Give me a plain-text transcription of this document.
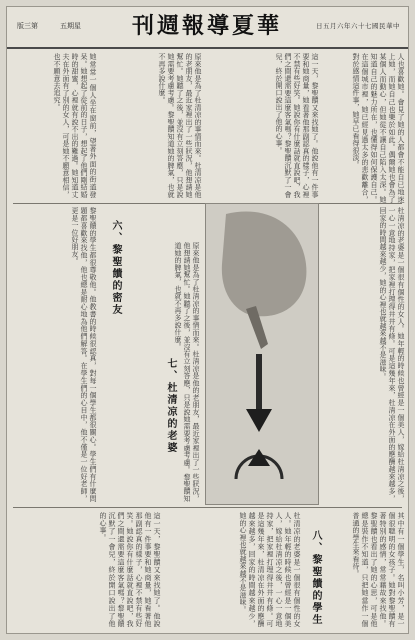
版三第	五期星 刊週報導夏華	日五月六年六十七國民華中
人也喜歡她。會見了她的人都會不能自已地迷上她，而她自己也樂於如此。偶爾她也會為了某個人而動心，但她從不讓自己陷入太深。她知道自己的魅力所在，也懂得如何保護自己。在這個城市裡，她已經見過太多的悲歡離合，對於感情這件事，她早已看得很淡。
這一天，黎聖饋又來找她了。他說他有一件事要和她商量，她看著他那副認真的樣子，心裡不禁有些好笑。她說你有什麼話就直說吧，我們之間還需要這麼客氣嗎？黎聖饋沉默了一會兒，終於開口說出了他的心事。
原來他是為了杜清凉的事情而來。杜清凉是他的老朋友，最近家裡出了一些狀況，他想請她幫忙。她聽了之後，並沒有立刻答應，只是說她需要考慮考慮。黎聖饋知道她的脾氣，也就不再多說什麼。
她常常一個人坐在窗前，望著外面的街道發呆。她想起了從前的日子，想起了他們剛結婚時的甜蜜，心裡就有說不出的難過。她知道丈夫在外面有了別的女人，可是她不願意相信，也不願意去追究。
六、黎聖饋的密友	杜清凉的老婆是一個很有個性的女人。她年輕的時候也曾經是一個美人，嫁給杜清凉之後，一心一意地持家，把家裡打理得井井有條。可是這幾年來，杜清凉在外面的應酬越來越多，回家的時間越來越少，她的心裡也就越來越不是滋味。
原來他是為了杜清凉的事情而來。杜清凉是他的老朋友，最近家裡出了一些狀況，他想請她幫忙。她聽了之後，並沒有立刻答應，只是說她需要考慮考慮。黎聖饋知道她的脾氣，也就不再多說什麼。
黎聖饋的學生都很尊敬他。他教書的時候很認真，對每一個學生都很關心。學生們有什麼問題都喜歡來找他，他也總是耐心地為他們解答。在學生們的心目中，他不僅是一位好老師，更是一位好朋友。
七、杜清凉的老婆
其中有一個學生，名叫小芳，是一個很聰明的女孩子。她對黎聖饋有著特別的感情，常常藉故來找他。黎聖饋也看出了她的心思，可是他總是裝作不知道，只把她當作一個普通的學生來看待。
八、黎聖饋的學生
杜清凉的老婆是一個很有個性的女人。她年輕的時候也曾經是一個美人，嫁給杜清凉之後，一心一意地持家，把家裡打理得井井有條。可是這幾年來，杜清凉在外面的應酬越來越多，回家的時間越來越少，她的心裡也就越來越不是滋味。
這一天，黎聖饋又來找她了。他說他有一件事要和她商量，她看著他那副認真的樣子，心裡不禁有些好笑。她說你有什麼話就直說吧，我們之間還需要這麼客氣嗎？黎聖饋沉默了一會兒，終於開口說出了他的心事。
